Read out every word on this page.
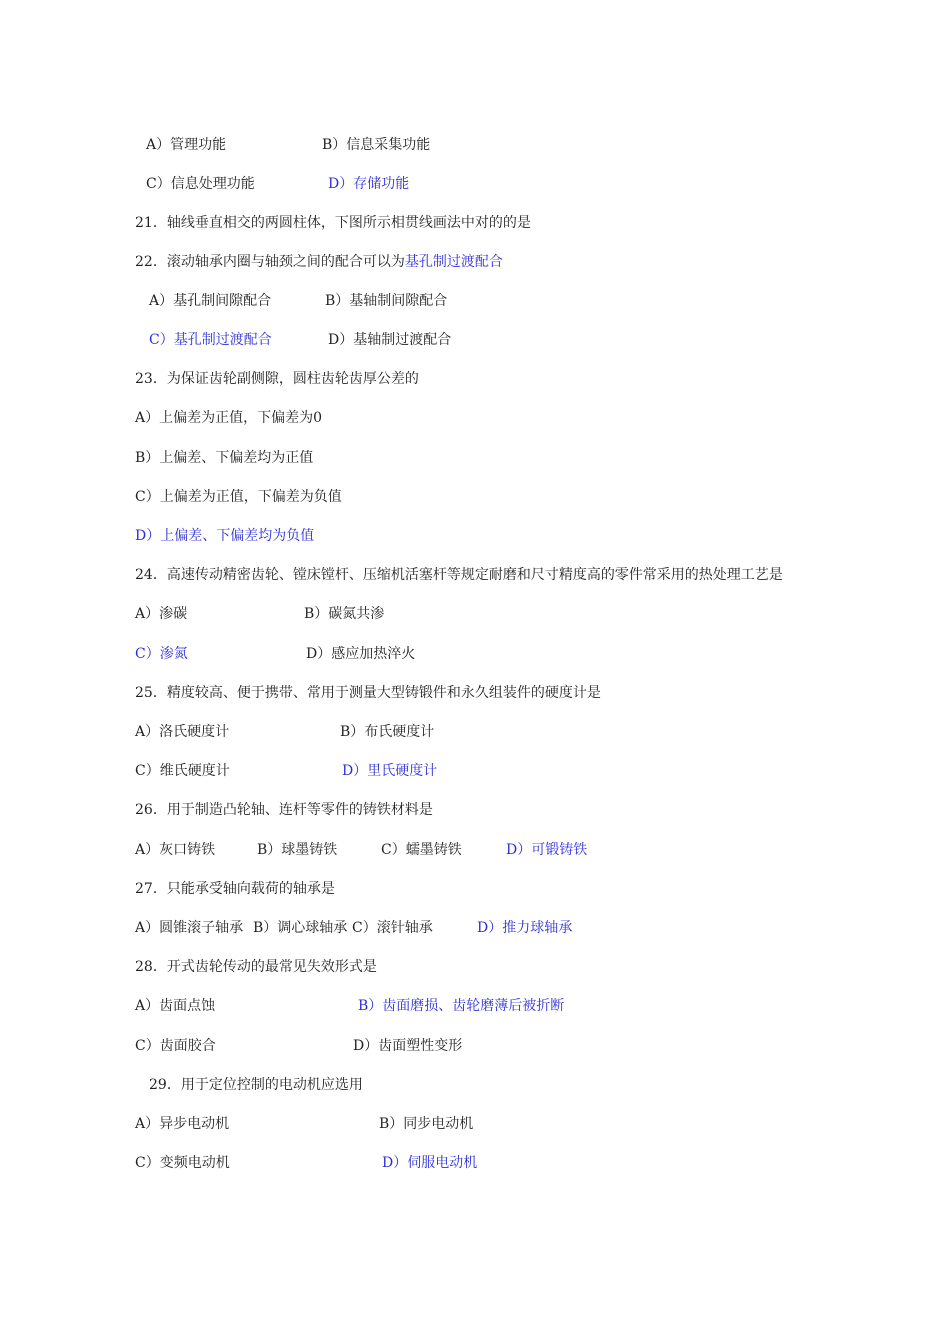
A）管理功能	B）信息采集功能
C）信息处理功能	D）存储功能
21．轴线垂直相交的两圆柱体，下图所示相贯线画法中对的的是
22．滚动轴承内圈与轴颈之间的配合可以为基孔制过渡配合
A）基孔制间隙配合	B）基轴制间隙配合
C）基孔制过渡配合	D）基轴制过渡配合
23．为保证齿轮副侧隙，圆柱齿轮齿厚公差的
A）上偏差为正值，下偏差为0
B）上偏差、下偏差均为正值
C）上偏差为正值，下偏差为负值
D）上偏差、下偏差均为负值
24．高速传动精密齿轮、镗床镗杆、压缩机活塞杆等规定耐磨和尺寸精度高的零件常采用的热处理工艺是
A）渗碳	B）碳氮共渗
C）渗氮	D）感应加热淬火
25．精度较高、便于携带、常用于测量大型铸锻件和永久组装件的硬度计是
A）洛氏硬度计	B）布氏硬度计
C）维氏硬度计	D）里氏硬度计
26．用于制造凸轮轴、连杆等零件的铸铁材料是
A）灰口铸铁	B）球墨铸铁	C）蠕墨铸铁	D）可锻铸铁
27．只能承受轴向载荷的轴承是
A）圆锥滚子轴承 B）调心球轴承 C）滚针轴承	D）推力球轴承
28．开式齿轮传动的最常见失效形式是
A）齿面点蚀	B）齿面磨损、齿轮磨薄后被折断
C）齿面胶合	D）齿面塑性变形
29．用于定位控制的电动机应选用
A）异步电动机	B）同步电动机
C）变频电动机	D）伺服电动机
